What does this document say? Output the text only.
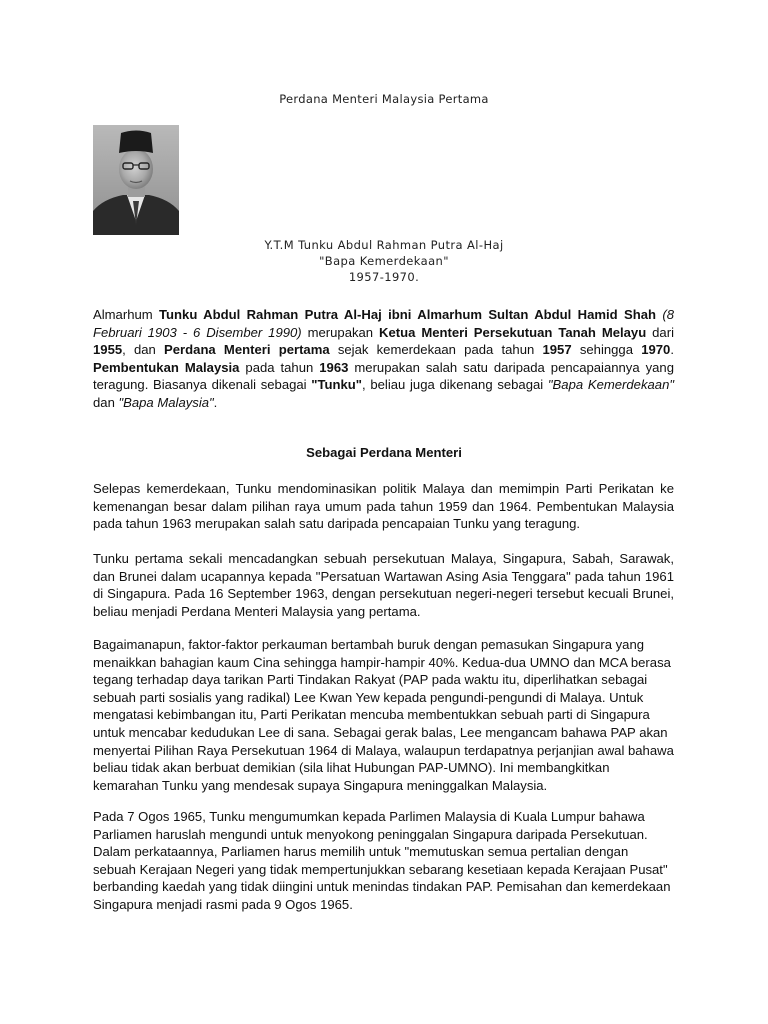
Perdana Menteri Malaysia Pertama
Y.T.M Tunku Abdul Rahman Putra Al-Haj
"Bapa Kemerdekaan"
1957-1970.
Almarhum Tunku Abdul Rahman Putra Al-Haj ibni Almarhum Sultan Abdul Hamid Shah (8 Februari 1903 - 6 Disember 1990) merupakan Ketua Menteri Persekutuan Tanah Melayu dari 1955, dan Perdana Menteri pertama sejak kemerdekaan pada tahun 1957 sehingga 1970. Pembentukan Malaysia pada tahun 1963 merupakan salah satu daripada pencapaiannya yang teragung. Biasanya dikenali sebagai "Tunku", beliau juga dikenang sebagai "Bapa Kemerdekaan" dan "Bapa Malaysia".
Sebagai Perdana Menteri
Selepas kemerdekaan, Tunku mendominasikan politik Malaya dan memimpin Parti Perikatan ke kemenangan besar dalam pilihan raya umum pada tahun 1959 dan 1964. Pembentukan Malaysia pada tahun 1963 merupakan salah satu daripada pencapaian Tunku yang teragung.
Tunku pertama sekali mencadangkan sebuah persekutuan Malaya, Singapura, Sabah, Sarawak, dan Brunei dalam ucapannya kepada "Persatuan Wartawan Asing Asia Tenggara" pada tahun 1961 di Singapura. Pada 16 September 1963, dengan persekutuan negeri-negeri tersebut kecuali Brunei, beliau menjadi Perdana Menteri Malaysia yang pertama.
Bagaimanapun, faktor-faktor perkauman bertambah buruk dengan pemasukan Singapura yang menaikkan bahagian kaum Cina sehingga hampir-hampir 40%. Kedua-dua UMNO dan MCA berasa tegang terhadap daya tarikan Parti Tindakan Rakyat (PAP pada waktu itu, diperlihatkan sebagai sebuah parti sosialis yang radikal) Lee Kwan Yew kepada pengundi-pengundi di Malaya. Untuk mengatasi kebimbangan itu, Parti Perikatan mencuba membentukkan sebuah parti di Singapura untuk mencabar kedudukan Lee di sana. Sebagai gerak balas, Lee mengancam bahawa PAP akan menyertai Pilihan Raya Persekutuan 1964 di Malaya, walaupun terdapatnya perjanjian awal bahawa beliau tidak akan berbuat demikian (sila lihat Hubungan PAP-UMNO). Ini membangkitkan kemarahan Tunku yang mendesak supaya Singapura meninggalkan Malaysia.
Pada 7 Ogos 1965, Tunku mengumumkan kepada Parlimen Malaysia di Kuala Lumpur bahawa Parliamen haruslah mengundi untuk menyokong peninggalan Singapura daripada Persekutuan. Dalam perkataannya, Parliamen harus memilih untuk "memutuskan semua pertalian dengan sebuah Kerajaan Negeri yang tidak mempertunjukkan sebarang kesetiaan kepada Kerajaan Pusat" berbanding kaedah yang tidak diingini untuk menindas tindakan PAP. Pemisahan dan kemerdekaan Singapura menjadi rasmi pada 9 Ogos 1965.
